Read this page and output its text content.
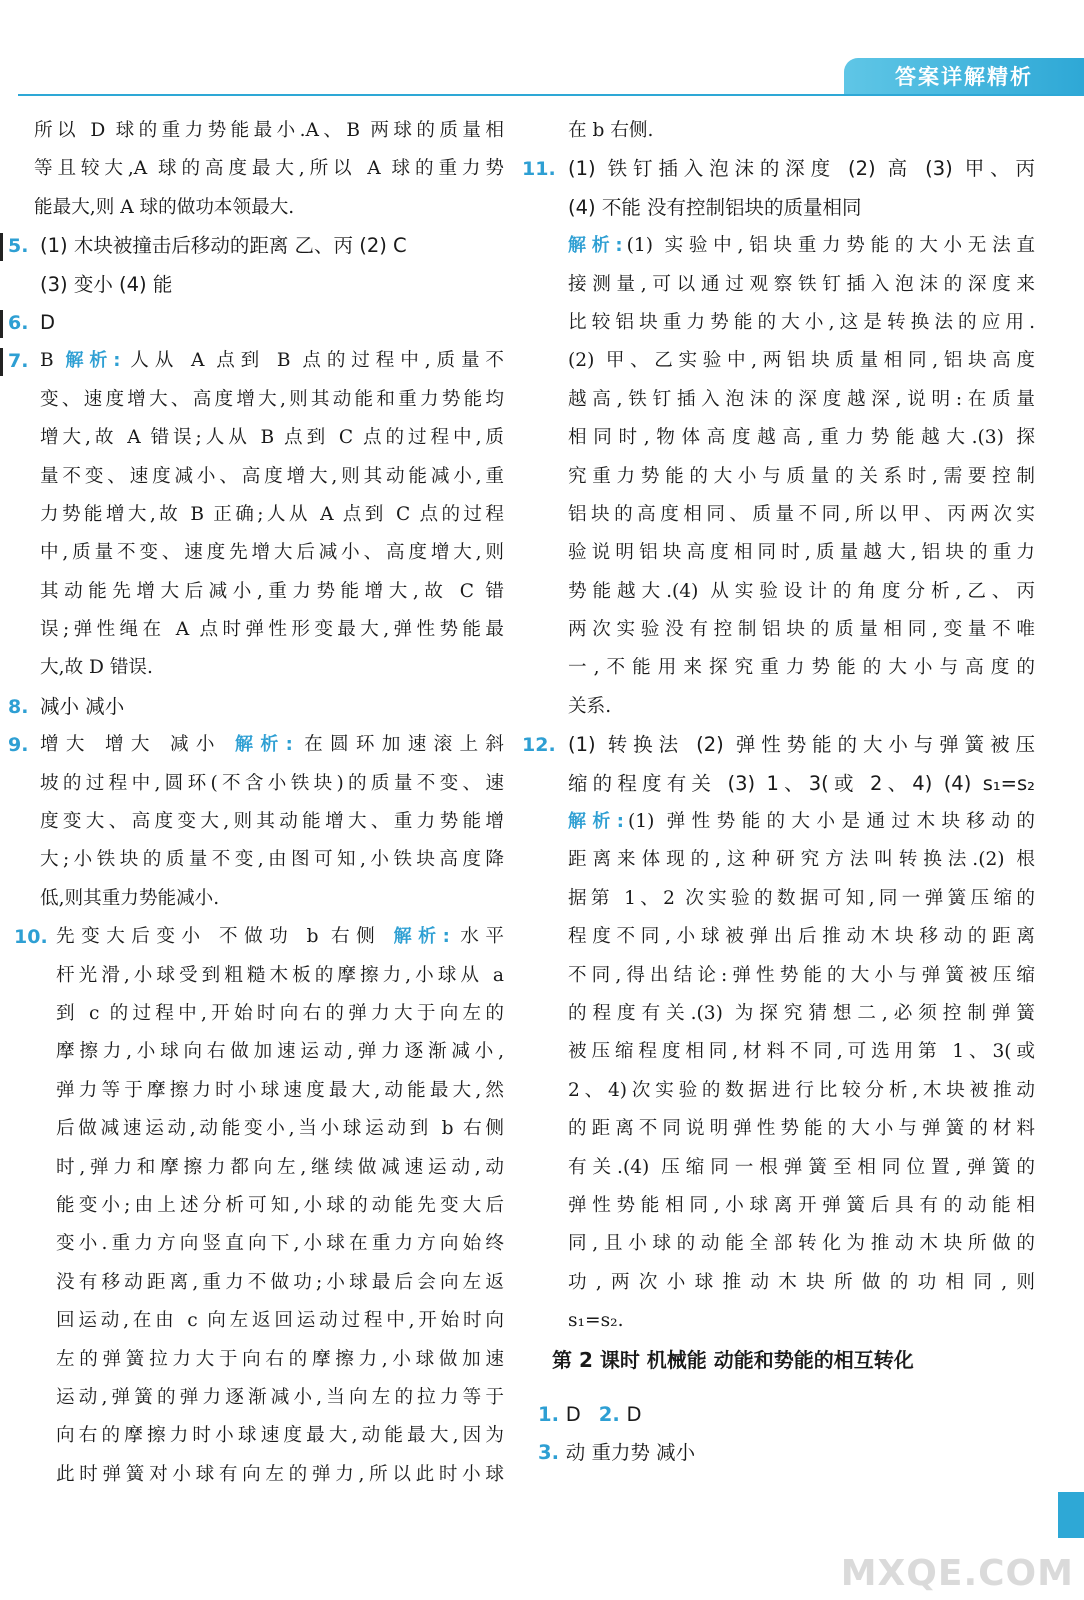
答案详解精析
所以 D 球的重力势能最小.A、B 两球的质量相
等且较大,A 球的高度最大,所以 A 球的重力势
能最大,则 A 球的做功本领最大.
5. (1) 木块被撞击后移动的距离 乙、丙 (2) C
(3) 变小 (4) 能
6. D
7. B 解析: 人从 A 点到 B 点的过程中,质量不
变、速度增大、高度增大,则其动能和重力势能均
增大,故 A 错误;人从 B 点到 C 点的过程中,质
量不变、速度减小、高度增大,则其动能减小,重
力势能增大,故 B 正确;人从 A 点到 C 点的过程
中,质量不变、速度先增大后减小、高度增大,则
其动能先增大后减小,重力势能增大,故 C 错
误;弹性绳在 A 点时弹性形变最大,弹性势能最
大,故 D 错误.
8. 减小 减小
9. 增大 增大 减小 解析: 在圆环加速滚上斜
坡的过程中,圆环(不含小铁块)的质量不变、速
度变大、高度变大,则其动能增大、重力势能增
大;小铁块的质量不变,由图可知,小铁块高度降
低,则其重力势能减小.
10. 先变大后变小 不做功 b 右侧 解析: 水平
杆光滑,小球受到粗糙木板的摩擦力,小球从 a
到 c 的过程中,开始时向右的弹力大于向左的
摩擦力,小球向右做加速运动,弹力逐渐减小,
弹力等于摩擦力时小球速度最大,动能最大,然
后做减速运动,动能变小,当小球运动到 b 右侧
时,弹力和摩擦力都向左,继续做减速运动,动
能变小;由上述分析可知,小球的动能先变大后
变小.重力方向竖直向下,小球在重力方向始终
没有移动距离,重力不做功;小球最后会向左返
回运动,在由 c 向左返回运动过程中,开始时向
左的弹簧拉力大于向右的摩擦力,小球做加速
运动,弹簧的弹力逐渐减小,当向左的拉力等于
向右的摩擦力时小球速度最大,动能最大,因为
此时弹簧对小球有向左的弹力,所以此时小球
在 b 右侧.
11. (1) 铁钉插入泡沫的深度 (2) 高 (3) 甲、丙
(4) 不能 没有控制铝块的质量相同
解析: (1) 实验中,铝块重力势能的大小无法直
接测量,可以通过观察铁钉插入泡沫的深度来
比较铝块重力势能的大小,这是转换法的应用.
(2) 甲、乙实验中,两铝块质量相同,铝块高度
越高,铁钉插入泡沫的深度越深,说明:在质量
相同时,物体高度越高,重力势能越大.(3) 探
究重力势能的大小与质量的关系时,需要控制
铝块的高度相同、质量不同,所以甲、丙两次实
验说明铝块高度相同时,质量越大,铝块的重力
势能越大.(4) 从实验设计的角度分析,乙、丙
两次实验没有控制铝块的质量相同,变量不唯
一,不能用来探究重力势能的大小与高度的
关系.
12. (1) 转换法 (2) 弹性势能的大小与弹簧被压
缩的程度有关 (3) 1、3(或 2、4) (4) s₁=s₂
解析: (1) 弹性势能的大小是通过木块移动的
距离来体现的,这种研究方法叫转换法.(2) 根
据第 1、2 次实验的数据可知,同一弹簧压缩的
程度不同,小球被弹出后推动木块移动的距离
不同,得出结论:弹性势能的大小与弹簧被压缩
的程度有关.(3) 为探究猜想二,必须控制弹簧
被压缩程度相同,材料不同,可选用第 1、3(或
2、4)次实验的数据进行比较分析,木块被推动
的距离不同说明弹性势能的大小与弹簧的材料
有关.(4) 压缩同一根弹簧至相同位置,弹簧的
弹性势能相同,小球离开弹簧后具有的动能相
同,且小球的动能全部转化为推动木块所做的
功,两次小球推动木块所做的功相同,则
s₁=s₂.
第 2 课时 机械能 动能和势能的相互转化
1. D 2. D
3. 动 重力势 减小
MXQE.COM
